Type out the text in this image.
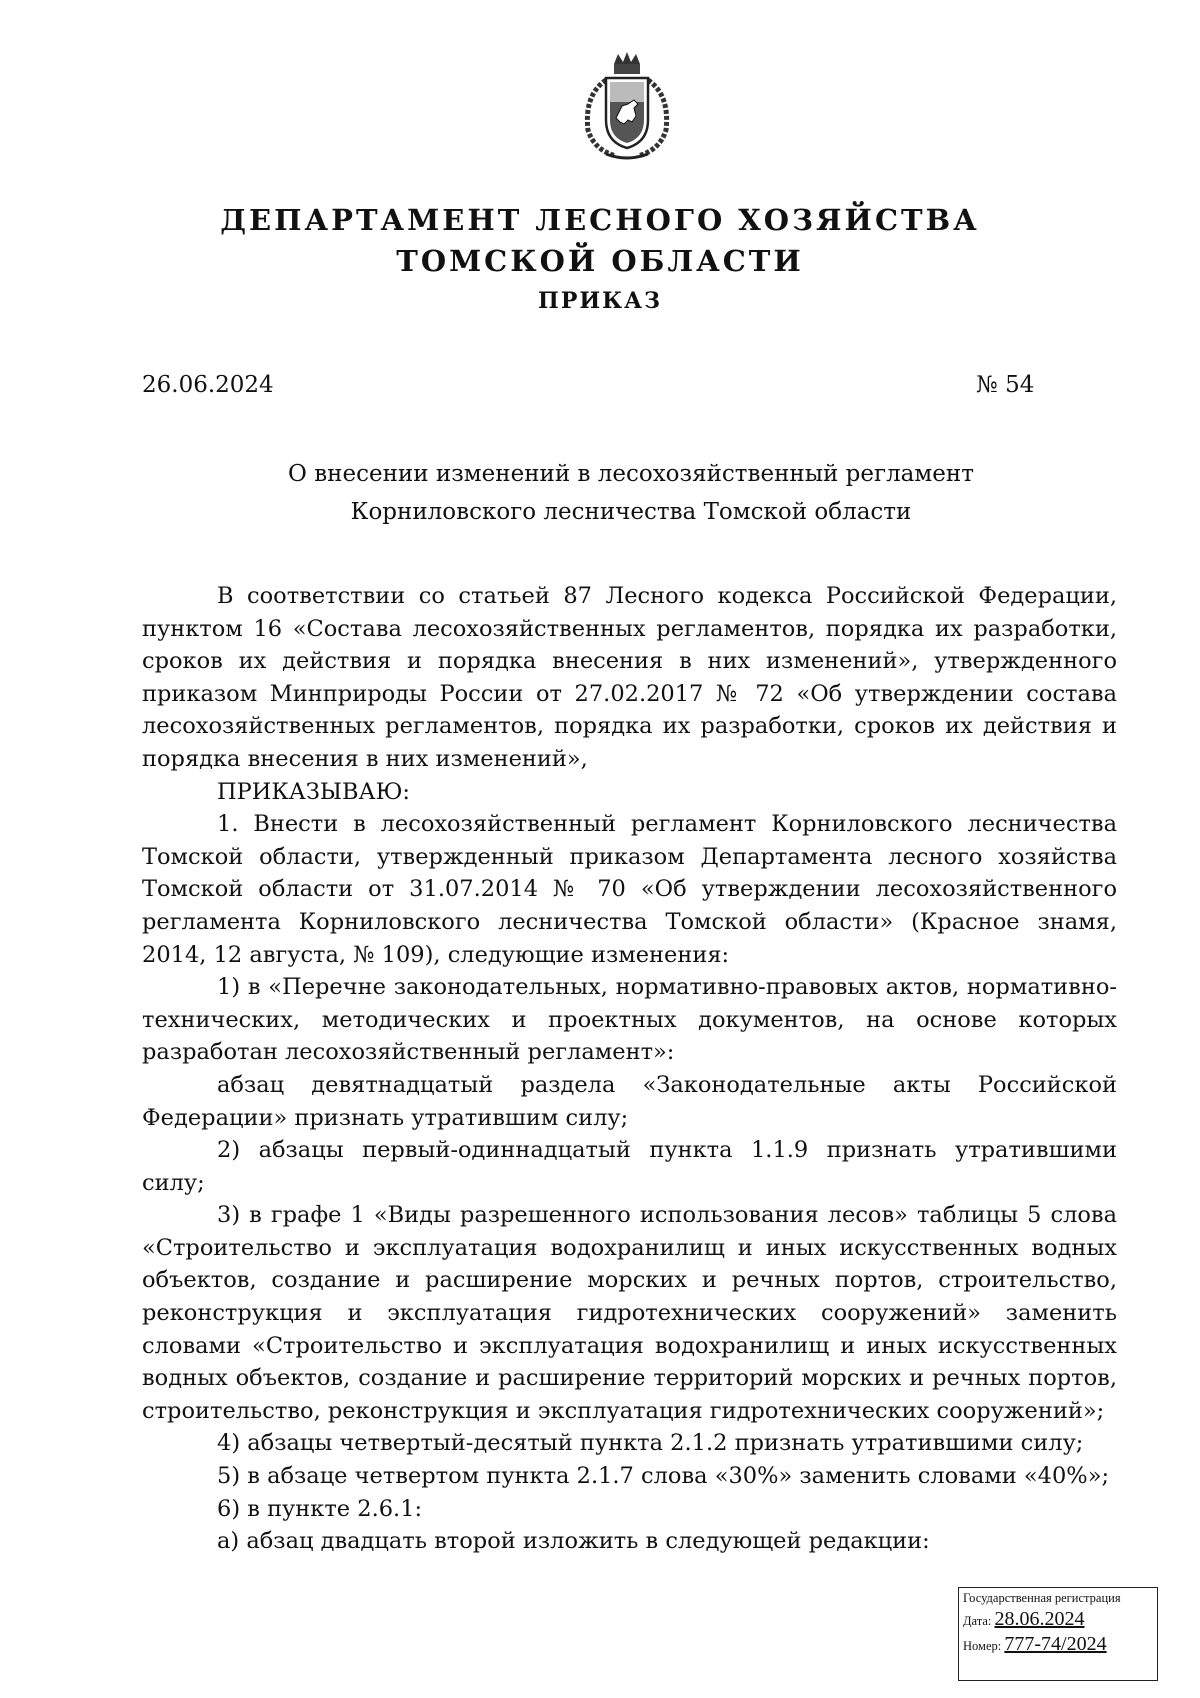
ДЕПАРТАМЕНТ ЛЕСНОГО ХОЗЯЙСТВА
ТОМСКОЙ ОБЛАСТИ
ПРИКАЗ
26.06.2024	№ 54
О внесении изменений в лесохозяйственный регламент
Корниловского лесничества Томской области

В соответствии со статьей 87 Лесного кодекса Российской Федерации, пунктом 16 «Состава лесохозяйственных регламентов, порядка их разработки, сроков их действия и порядка внесения в них изменений», утвержденного приказом Минприроды России от 27.02.2017 № 72 «Об утверждении состава лесохозяйственных регламентов, порядка их разработки, сроков их действия и порядка внесения в них изменений»,

ПРИКАЗЫВАЮ:

1. Внести в лесохозяйственный регламент Корниловского лесничества Томской области, утвержденный приказом Департамента лесного хозяйства Томской области от 31.07.2014 № 70 «Об утверждении лесохозяйственного регламента Корниловского лесничества Томской области» (Красное знамя, 2014, 12 августа, № 109), следующие изменения:

1) в «Перечне законодательных, нормативно-правовых актов, нормативно-технических, методических и проектных документов, на основе которых разработан лесохозяйственный регламент»:

абзац девятнадцатый раздела «Законодательные акты Российской Федерации» признать утратившим силу;

2) абзацы первый-одиннадцатый пункта 1.1.9 признать утратившими силу;

3) в графе 1 «Виды разрешенного использования лесов» таблицы 5 слова «Строительство и эксплуатация водохранилищ и иных искусственных водных объектов, создание и расширение морских и речных портов, строительство, реконструкция и эксплуатация гидротехнических сооружений» заменить словами «Строительство и эксплуатация водохранилищ и иных искусственных водных объектов, создание и расширение территорий морских и речных портов, строительство, реконструкция и эксплуатация гидротехнических сооружений»;

4) абзацы четвертый-десятый пункта 2.1.2 признать утратившими силу;

5) в абзаце четвертом пункта 2.1.7 слова «30%» заменить словами «40%»;

6) в пункте 2.6.1:

а) абзац двадцать второй изложить в следующей редакции:

Государственная регистрация
Дата: 28.06.2024
Номер: 777-74/2024
